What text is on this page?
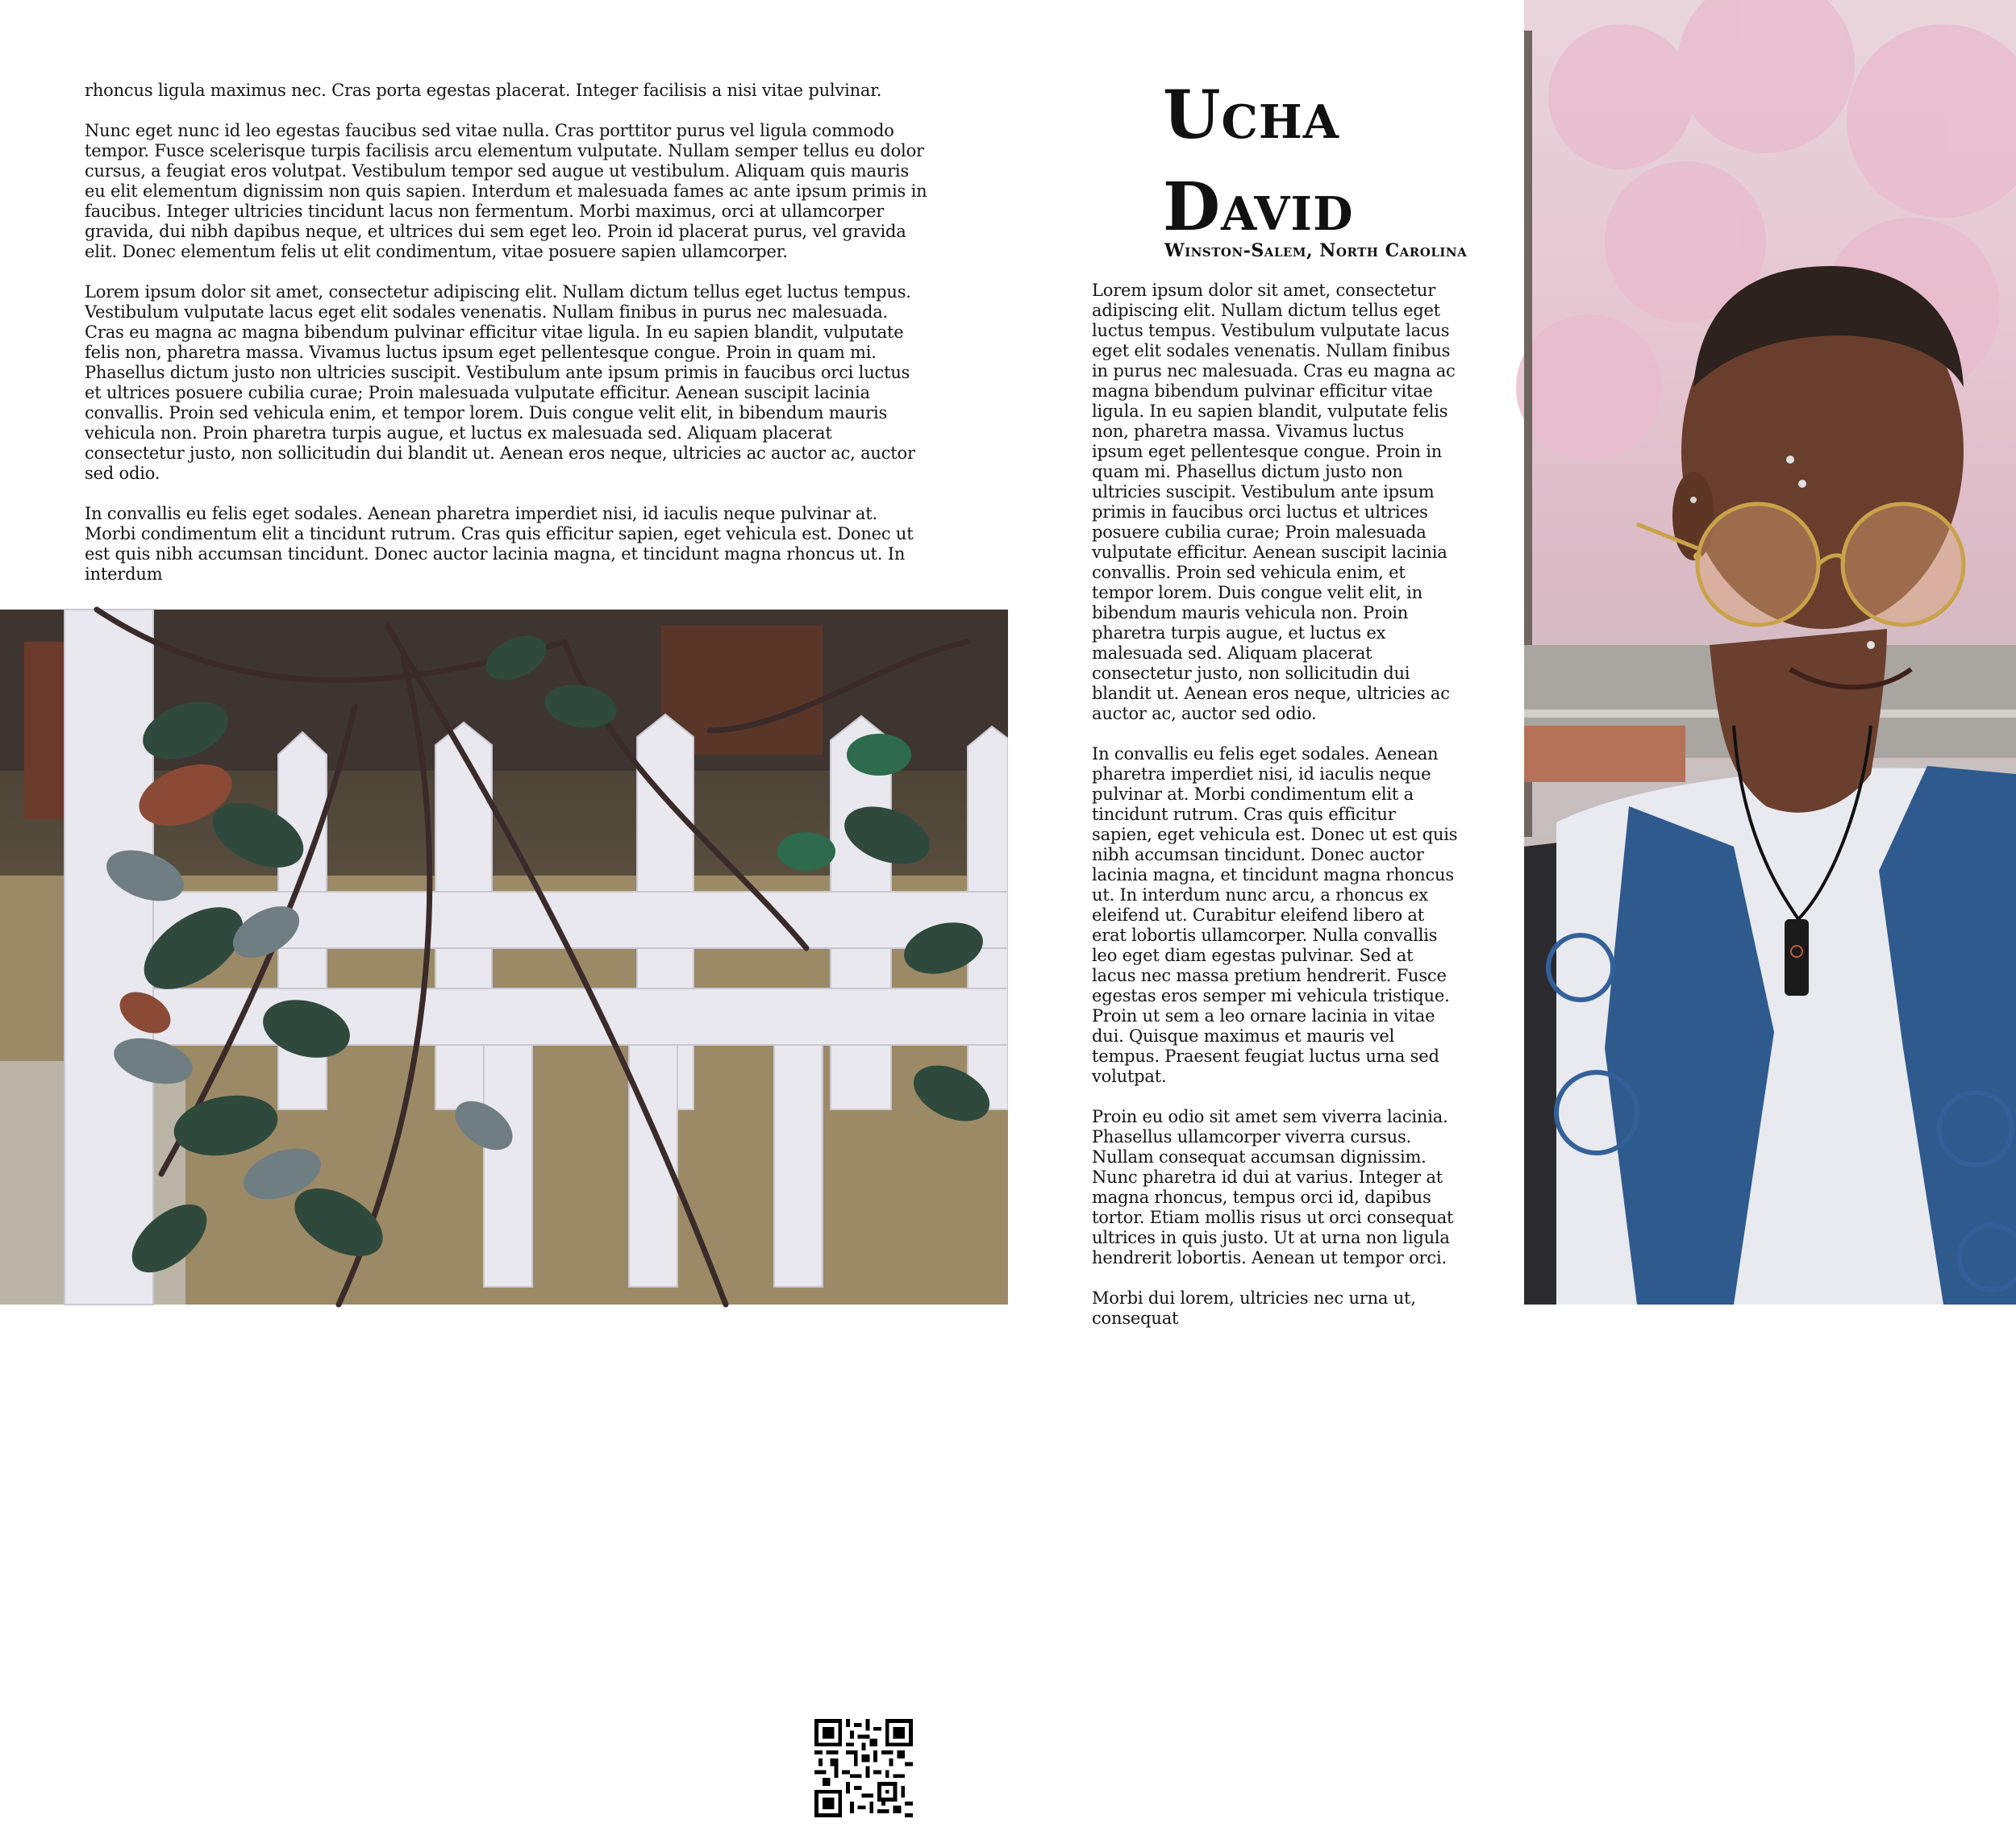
rhoncus ligula maximus nec. Cras porta egestas placerat. Integer facilisis a nisi vitae pulvinar.

Nunc eget nunc id leo egestas faucibus sed vitae nulla. Cras porttitor purus vel ligula commodo tempor. Fusce scelerisque turpis facilisis arcu elementum vulputate. Nullam semper tellus eu dolor cursus, a feugiat eros volutpat. Vestibulum tempor sed augue ut vestibulum. Aliquam quis mauris eu elit elementum dignissim non quis sapien. Interdum et malesuada fames ac ante ipsum primis in faucibus. Integer ultricies tincidunt lacus non fermentum. Morbi maximus, orci at ullamcorper gravida, dui nibh dapibus neque, et ultrices dui sem eget leo. Proin id placerat purus, vel gravida elit. Donec elementum felis ut elit condimentum, vitae posuere sapien ullamcorper.

Lorem ipsum dolor sit amet, consectetur adipiscing elit. Nullam dictum tellus eget luctus tempus. Vestibulum vulputate lacus eget elit sodales venenatis. Nullam finibus in purus nec malesuada. Cras eu magna ac magna bibendum pulvinar efficitur vitae ligula. In eu sapien blandit, vulputate felis non, pharetra massa. Vivamus luctus ipsum eget pellentesque congue. Proin in quam mi. Phasellus dictum justo non ultricies suscipit. Vestibulum ante ipsum primis in faucibus orci luctus et ultrices posuere cubilia curae; Proin malesuada vulputate efficitur. Aenean suscipit lacinia convallis. Proin sed vehicula enim, et tempor lorem. Duis congue velit elit, in bibendum mauris vehicula non. Proin pharetra turpis augue, et luctus ex malesuada sed. Aliquam placerat consectetur justo, non sollicitudin dui blandit ut. Aenean eros neque, ultricies ac auctor ac, auctor sed odio.

In convallis eu felis eget sodales. Aenean pharetra imperdiet nisi, id iaculis neque pulvinar at. Morbi condimentum elit a tincidunt rutrum. Cras quis efficitur sapien, eget vehicula est. Donec ut est quis nibh accumsan tincidunt. Donec auctor lacinia magna, et tincidunt magna rhoncus ut. In interdum

Ucha
David
Winston-Salem, North Carolina

Lorem ipsum dolor sit amet, consectetur adipiscing elit. Nullam dictum tellus eget luctus tempus. Vestibulum vulputate lacus eget elit sodales venenatis. Nullam finibus in purus nec malesuada. Cras eu magna ac magna bibendum pulvinar efficitur vitae ligula. In eu sapien blandit, vulputate felis non, pharetra massa. Vivamus luctus ipsum eget pellentesque congue. Proin in quam mi. Phasellus dictum justo non ultricies suscipit. Vestibulum ante ipsum primis in faucibus orci luctus et ultrices posuere cubilia curae; Proin malesuada vulputate efficitur. Aenean suscipit lacinia convallis. Proin sed vehicula enim, et tempor lorem. Duis congue velit elit, in bibendum mauris vehicula non. Proin pharetra turpis augue, et luctus ex malesuada sed. Aliquam placerat consectetur justo, non sollicitudin dui blandit ut. Aenean eros neque, ultricies ac auctor ac, auctor sed odio.

In convallis eu felis eget sodales. Aenean pharetra imperdiet nisi, id iaculis neque pulvinar at. Morbi condimentum elit a tincidunt rutrum. Cras quis efficitur sapien, eget vehicula est. Donec ut est quis nibh accumsan tincidunt. Donec auctor lacinia magna, et tincidunt magna rhoncus ut. In interdum nunc arcu, a rhoncus ex eleifend ut. Curabitur eleifend libero at erat lobortis ullamcorper. Nulla convallis leo eget diam egestas pulvinar. Sed at lacus nec massa pretium hendrerit. Fusce egestas eros semper mi vehicula tristique. Proin ut sem a leo ornare lacinia in vitae dui. Quisque maximus et mauris vel tempus. Praesent feugiat luctus urna sed volutpat.

Proin eu odio sit amet sem viverra lacinia. Phasellus ullamcorper viverra cursus. Nullam consequat accumsan dignissim. Nunc pharetra id dui at varius. Integer at magna rhoncus, tempus orci id, dapibus tortor. Etiam mollis risus ut orci consequat ultrices in quis justo. Ut at urna non ligula hendrerit lobortis. Aenean ut tempor orci.

Morbi dui lorem, ultricies nec urna ut, consequat
